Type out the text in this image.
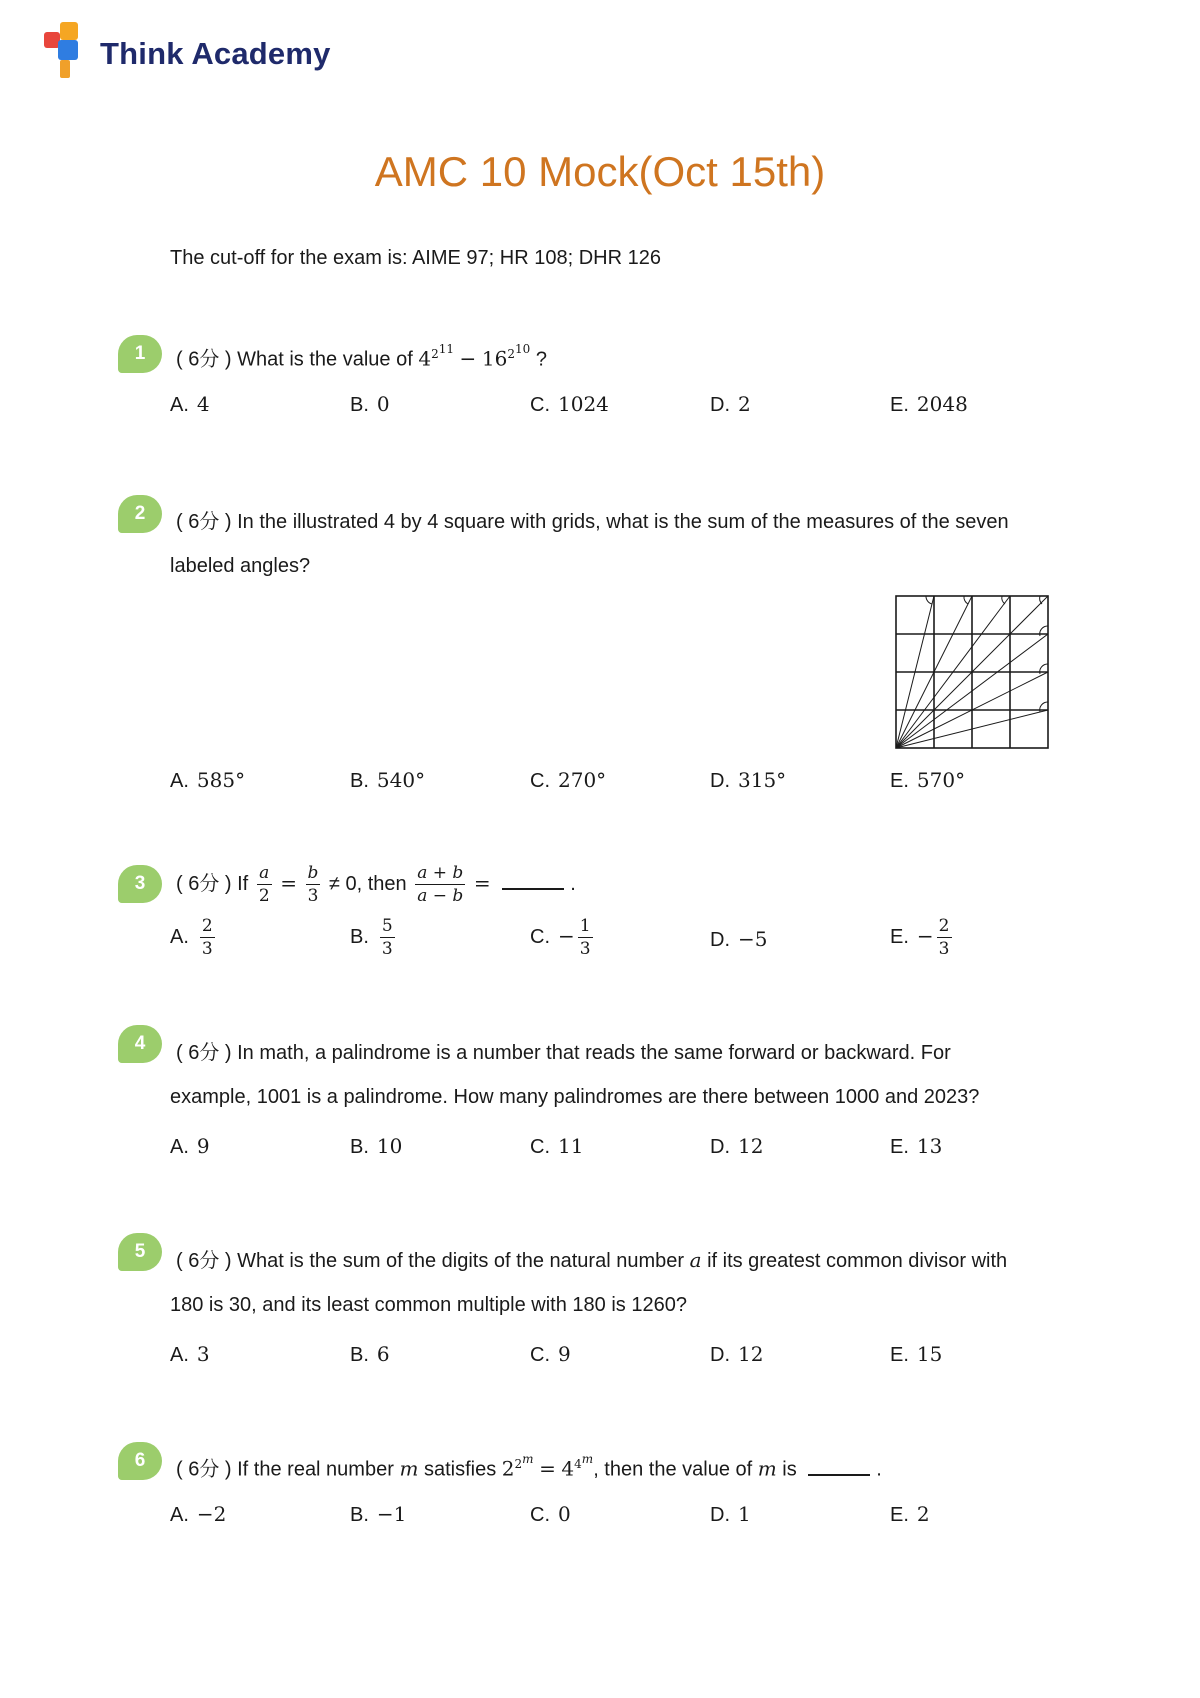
Think Academy
AMC 10 Mock(Oct 15th)
The cut-off for the exam is: AIME 97; HR 108; DHR 126
1	( 6分 ) What is the value of $4^{2^{11}} - 16^{2^{10}}$ ?
A. 4	B. 0	C. 1024	D. 2	E. 2048
2	( 6分 ) In the illustrated 4 by 4 square with grids, what is the sum of the measures of the seven
labeled angles?
A. 585°	B. 540°	C. 270°	D. 315°	E. 570°
3	( 6分 ) If $\frac{a}{2} = \frac{b}{3} \ne 0$, then $\frac{a + b}{a - b}$ =	.
A. $\frac{2}{3}$	B. $\frac{5}{3}$	C. − $\frac{1}{3}$	D. −5	E. − $\frac{2}{3}$
4	( 6分 ) In math, a palindrome is a number that reads the same forward or backward. For
example, 1001 is a palindrome. How many palindromes are there between 1000 and 2023?
A. 9	B. 10	C. 11	D. 12	E. 13
5	( 6分 ) What is the sum of the digits of the natural number a if its greatest common divisor with
180 is 30, and its least common multiple with 180 is 1260?
A. 3	B. 6	C. 9	D. 12	E. 15
6	( 6分 ) If the real number m satisfies $2^{2^m} = 4^{4^m}$, then the value of m is	.
A. −2	B. −1	C. 0	D. 1	E. 2
